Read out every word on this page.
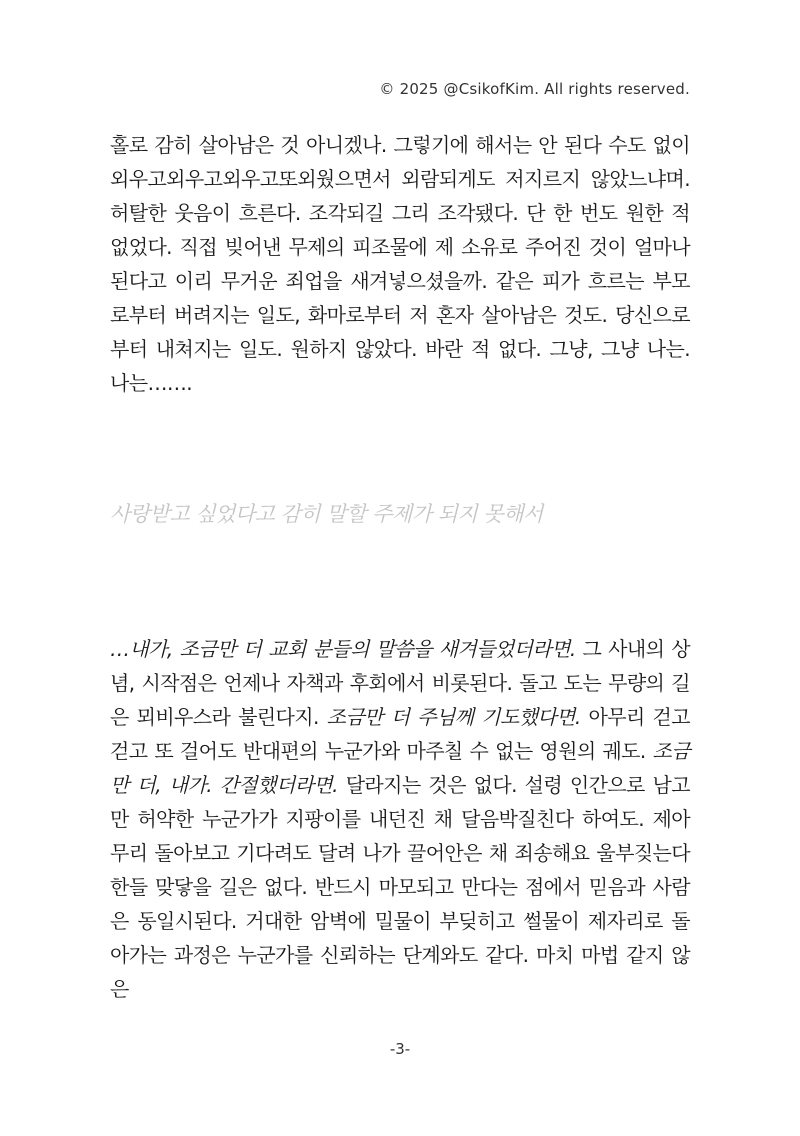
© 2025 @CsikofKim. All rights reserved.

홀로 감히 살아남은 것 아니겠나. 그렇기에 해서는 안 된다 수도 없이 외우고외우고외우고또외웠으면서 외람되게도 저지르지 않았느냐며. 허탈한 웃음이 흐른다. 조각되길 그리 조각됐다. 단 한 번도 원한 적 없었다. 직접 빚어낸 무제의 피조물에 제 소유로 주어진 것이 얼마나 된다고 이리 무거운 죄업을 새겨넣으셨을까. 같은 피가 흐르는 부모로부터 버려지는 일도, 화마로부터 저 혼자 살아남은 것도. 당신으로부터 내쳐지는 일도. 원하지 않았다. 바란 적 없다. 그냥, 그냥 나는. 나는…….

사랑받고 싶었다고 감히 말할 주제가 되지 못해서

…내가, 조금만 더 교회 분들의 말씀을 새겨들었더라면. 그 사내의 상념, 시작점은 언제나 자책과 후회에서 비롯된다. 돌고 도는 무량의 길은 뫼비우스라 불린다지. 조금만 더 주님께 기도했다면. 아무리 걷고 걷고 또 걸어도 반대편의 누군가와 마주칠 수 없는 영원의 궤도. 조금만 더, 내가. 간절했더라면. 달라지는 것은 없다. 설령 인간으로 남고 만 허약한 누군가가 지팡이를 내던진 채 달음박질친다 하여도. 제아무리 돌아보고 기다려도 달려 나가 끌어안은 채 죄송해요 울부짖는다 한들 맞닿을 길은 없다. 반드시 마모되고 만다는 점에서 믿음과 사람은 동일시된다. 거대한 암벽에 밀물이 부딪히고 썰물이 제자리로 돌아가는 과정은 누군가를 신뢰하는 단계와도 같다. 마치 마법 같지 않은

-3-
